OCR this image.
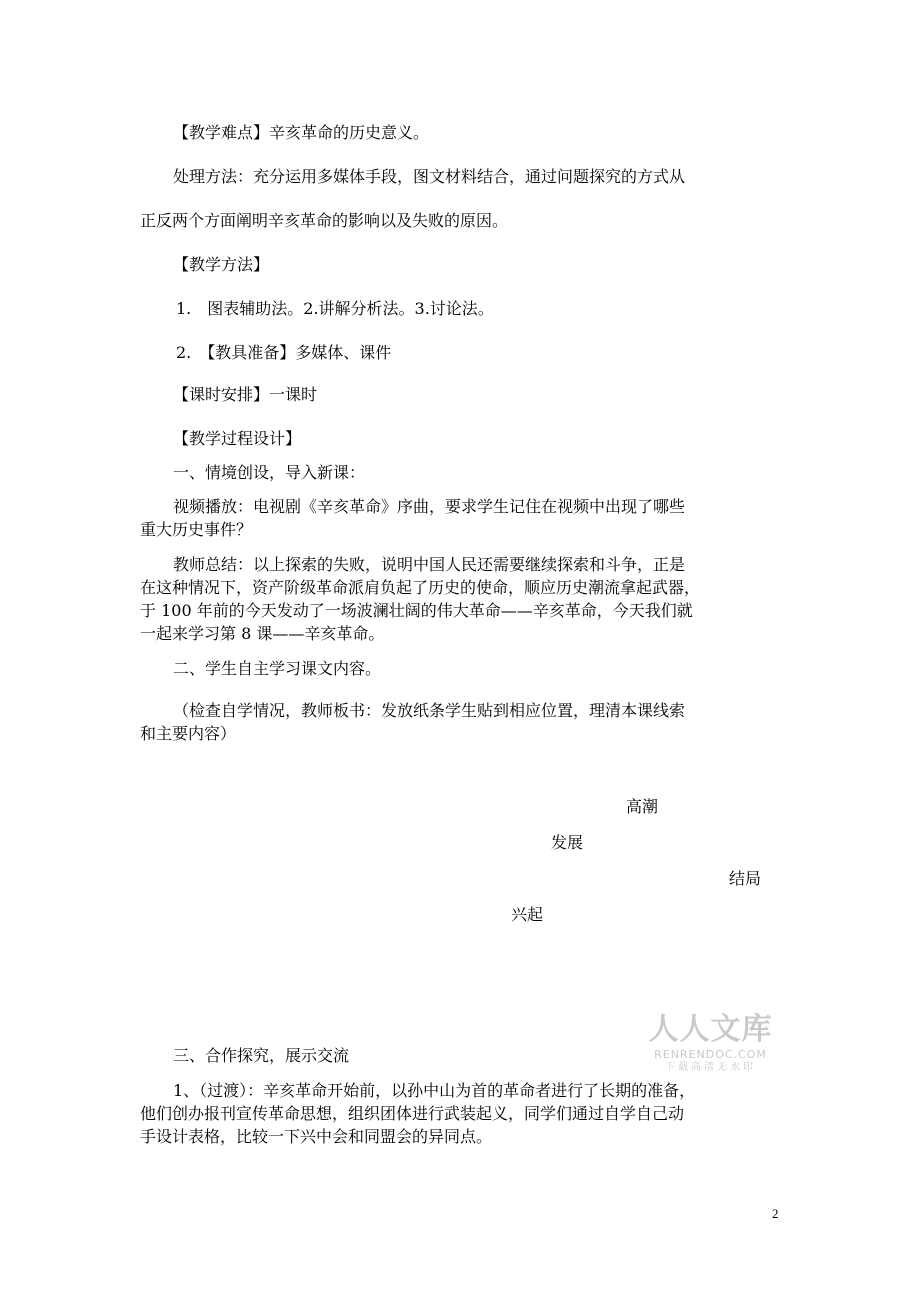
【教学难点】辛亥革命的历史意义。
处理方法：充分运用多媒体手段，图文材料结合，通过问题探究的方式从
正反两个方面阐明辛亥革命的影响以及失败的原因。
【教学方法】
1.　图表辅助法。2.讲解分析法。3.讨论法。
2.　【教具准备】多媒体、课件
【课时安排】一课时
【教学过程设计】
一、情境创设，导入新课：
视频播放：电视剧《辛亥革命》序曲，要求学生记住在视频中出现了哪些
重大历史事件？
教师总结：以上探索的失败，说明中国人民还需要继续探索和斗争，正是
在这种情况下，资产阶级革命派肩负起了历史的使命，顺应历史潮流拿起武器，
于 100 年前的今天发动了一场波澜壮阔的伟大革命——辛亥革命，今天我们就
一起来学习第 8 课——辛亥革命。
二、学生自主学习课文内容。
（检查自学情况，教师板书：发放纸条学生贴到相应位置，理清本课线索
和主要内容）
高潮
发展
结局
兴起
人人文库
RENRENDOC.COM
下载高清无水印
三、合作探究，展示交流
1、（过渡）：辛亥革命开始前，以孙中山为首的革命者进行了长期的准备，
他们创办报刊宣传革命思想，组织团体进行武装起义，同学们通过自学自己动
手设计表格，比较一下兴中会和同盟会的异同点。
2
